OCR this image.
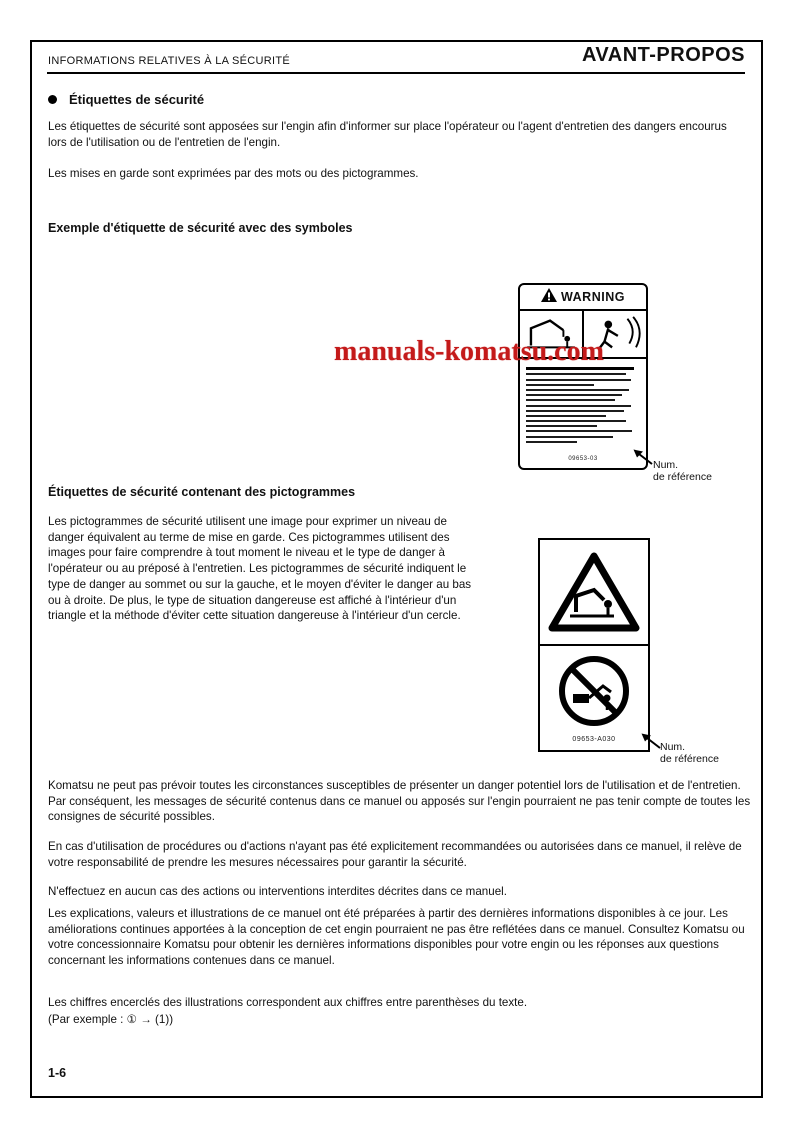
INFORMATIONS RELATIVES À LA SÉCURITÉ	AVANT-PROPOS
Étiquettes de sécurité

Les étiquettes de sécurité sont apposées sur l'engin afin d'informer sur place l'opérateur ou l'agent d'entretien des dangers encourus lors de l'utilisation ou de l'entretien de l'engin.

Les mises en garde sont exprimées par des mots ou des pictogrammes.

Exemple d'étiquette de sécurité avec des symboles
WARNING
09653-03
manuals-komatsu.com
Num.
de référence
Étiquettes de sécurité contenant des pictogrammes

Les pictogrammes de sécurité utilisent une image pour exprimer un niveau de danger équivalent au terme de mise en garde. Ces pictogrammes utilisent des images pour faire comprendre à tout moment le niveau et le type de danger à l'opérateur ou au préposé à l'entretien. Les pictogrammes de sécurité indiquent le type de danger au sommet ou sur la gauche, et le moyen d'éviter le danger au bas ou à droite. De plus, le type de situation dangereuse est affiché à l'intérieur d'un triangle et la méthode d'éviter cette situation dangereuse à l'intérieur d'un cercle.

09653-A030
Num.
de référence

Komatsu ne peut pas prévoir toutes les circonstances susceptibles de présenter un danger potentiel lors de l'utilisation et de l'entretien. Par conséquent, les messages de sécurité contenus dans ce manuel ou apposés sur l'engin pourraient ne pas tenir compte de toutes les consignes de sécurité possibles.

En cas d'utilisation de procédures ou d'actions n'ayant pas été explicitement recommandées ou autorisées dans ce manuel, il relève de votre responsabilité de prendre les mesures nécessaires pour garantir la sécurité.

N'effectuez en aucun cas des actions ou interventions interdites décrites dans ce manuel.

Les explications, valeurs et illustrations de ce manuel ont été préparées à partir des dernières informations disponibles à ce jour. Les améliorations continues apportées à la conception de cet engin pourraient ne pas être reflétées dans ce manuel. Consultez Komatsu ou votre concessionnaire Komatsu pour obtenir les dernières informations disponibles pour votre engin ou les réponses aux questions concernant les informations contenues dans ce manuel.

Les chiffres encerclés des illustrations correspondent aux chiffres entre parenthèses du texte.

(Par exemple : ① → (1))

1-6
